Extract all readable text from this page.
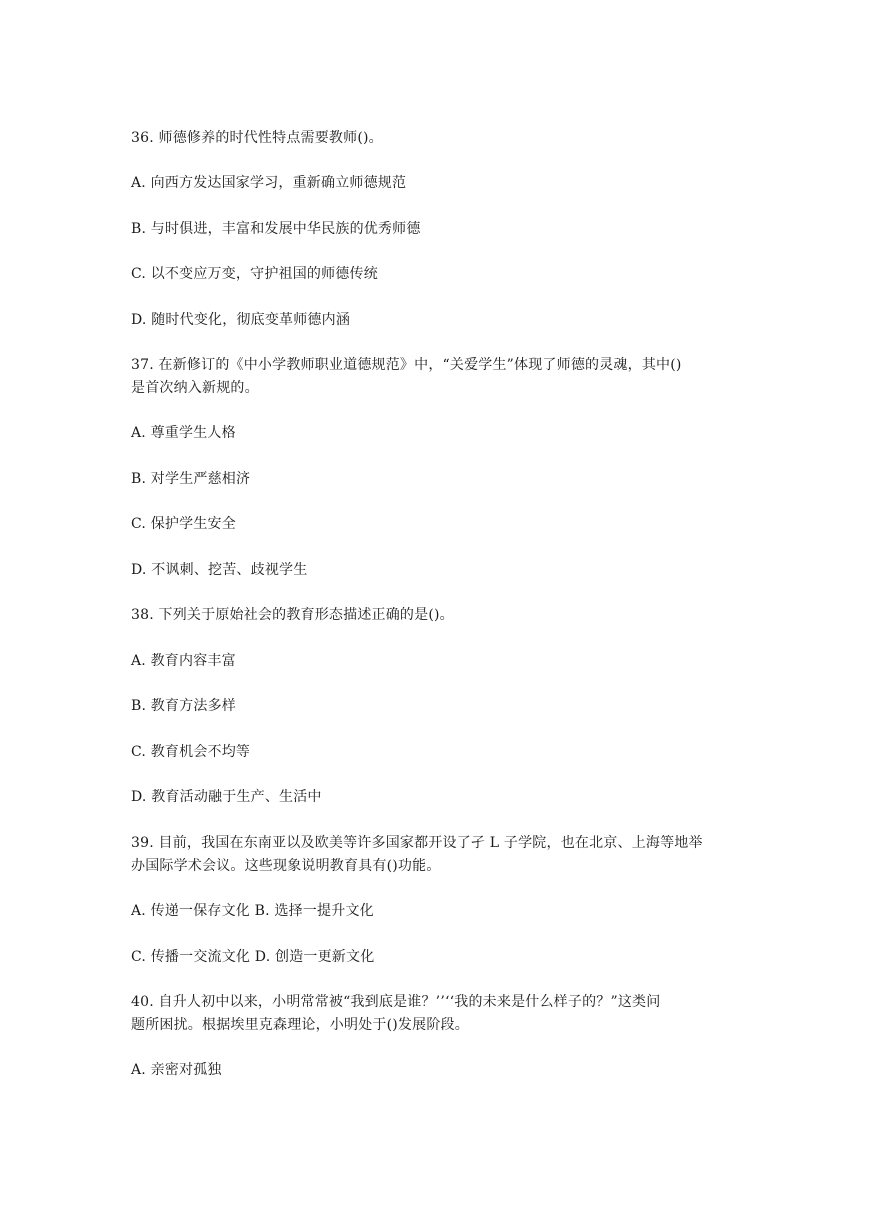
36. 师德修养的时代性特点需要教师()。
A. 向西方发达国家学习，重新确立师德规范
B. 与时俱进，丰富和发展中华民族的优秀师德
C. 以不变应万变，守护祖国的师德传统
D. 随时代变化，彻底变革师德内涵
37. 在新修订的《中小学教师职业道德规范》中，“关爱学生”体现了师德的灵魂，其中()
是首次纳入新规的。
A. 尊重学生人格
B. 对学生严慈相济
C. 保护学生安全
D. 不讽刺、挖苦、歧视学生
38. 下列关于原始社会的教育形态描述正确的是()。
A. 教育内容丰富
B. 教育方法多样
C. 教育机会不均等
D. 教育活动融于生产、生活中
39. 目前，我国在东南亚以及欧美等许多国家都开设了孑 L 子学院，也在北京、上海等地举
办国际学术会议。这些现象说明教育具有()功能。
A. 传递一保存文化 B. 选择一提升文化
C. 传播一交流文化 D. 创造一更新文化
40. 自升人初中以来，小明常常被“我到底是谁？’’‘‘我的未来是什么样子的？”这类问
题所困扰。根据埃里克森理论，小明处于()发展阶段。
A. 亲密对孤独
